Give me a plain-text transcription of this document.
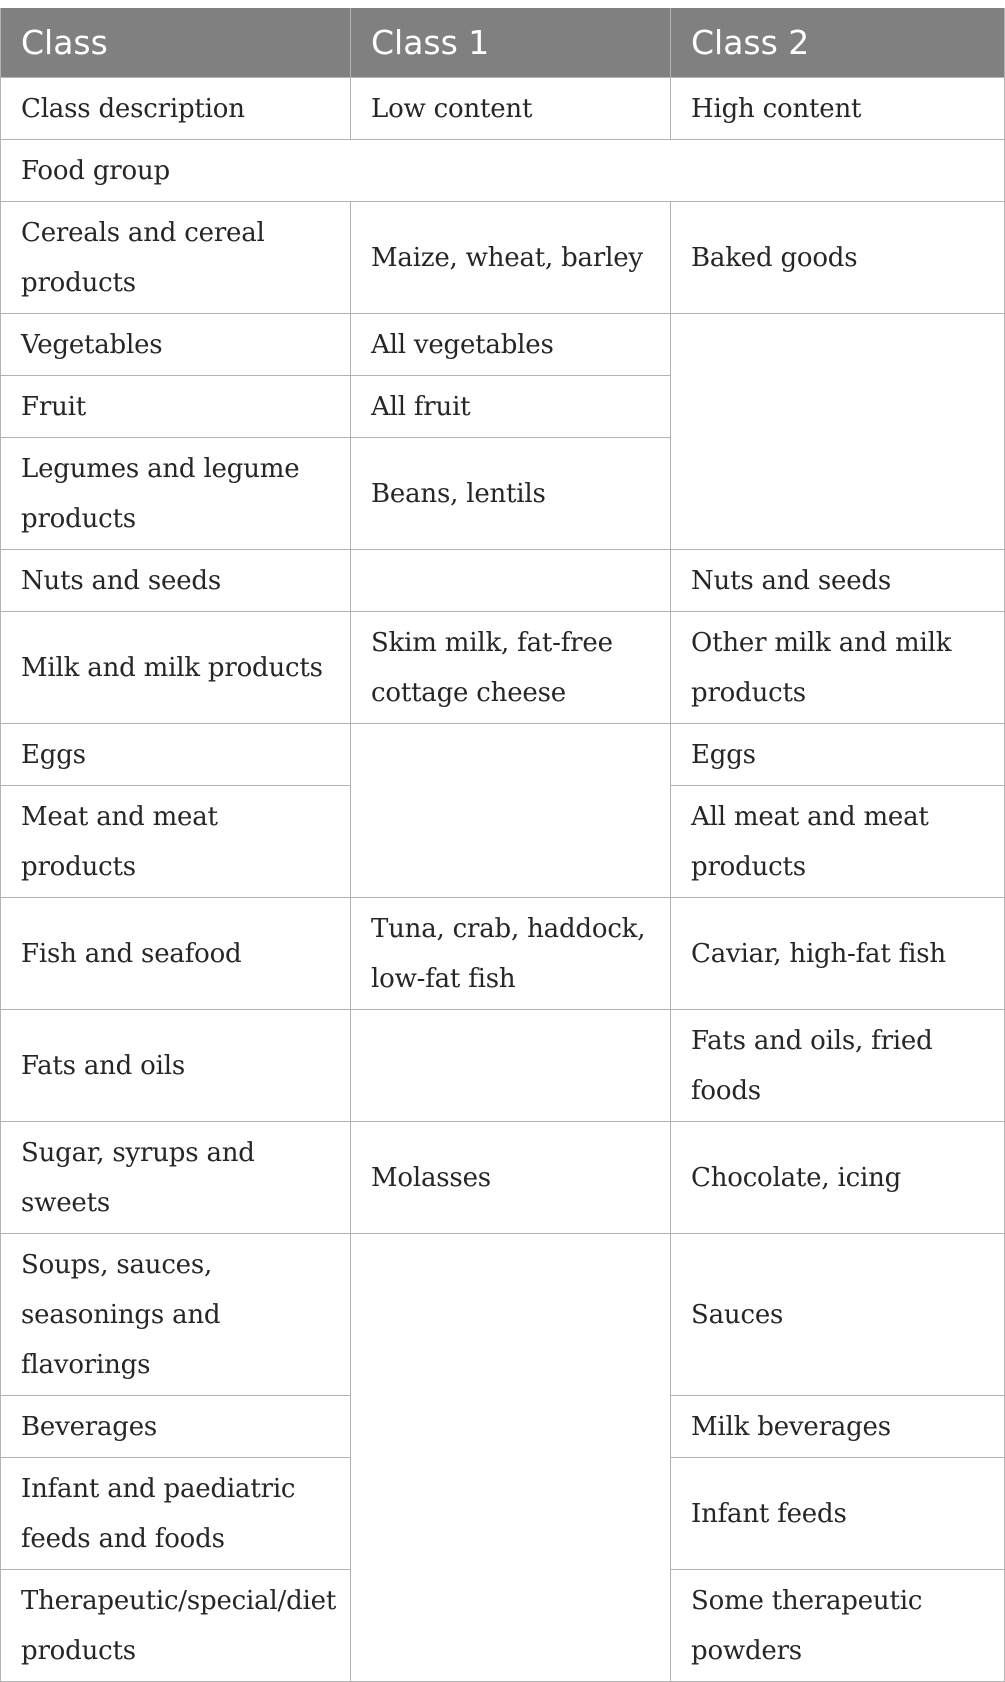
Class	Class 1	Class 2
Class description	Low content	High content
Food group		
Cereals and cereal products	Maize, wheat, barley	Baked goods
Vegetables	All vegetables	
Fruit	All fruit	
Legumes and legume products	Beans, lentils	
Nuts and seeds		Nuts and seeds
Milk and milk products	Skim milk, fat-free cottage cheese	Other milk and milk products
Eggs		Eggs
Meat and meat products		All meat and meat products
Fish and seafood	Tuna, crab, haddock, low-fat fish	Caviar, high-fat fish
Fats and oils		Fats and oils, fried foods
Sugar, syrups and sweets	Molasses	Chocolate, icing
Soups, sauces, seasonings and flavorings		Sauces
Beverages		Milk beverages
Infant and paediatric feeds and foods		Infant feeds
Therapeutic/special/diet products		Some therapeutic powders
